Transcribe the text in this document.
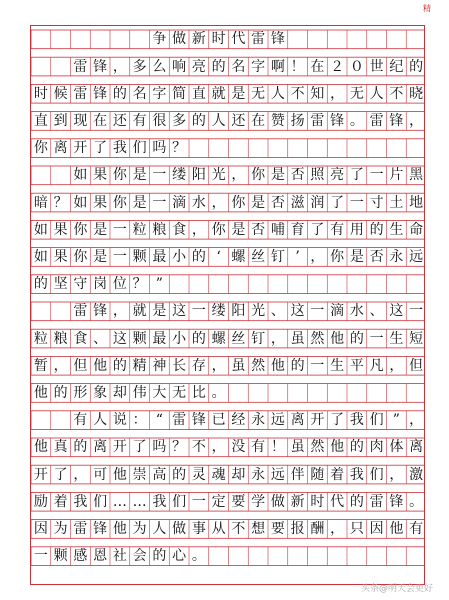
精
争 做 新 时 代 雷 锋

雷 锋 ， 多 么 响 亮 的 名 字 啊 ！ 在 ２ ０ 世 纪 的
时 候 雷 锋 的 名 字 简 直 就 是 无 人 不 知 ， 无 人 不 晓
直 到 现 在 还 有 很 多 的 人 还 在 赞 扬 雷 锋 。 雷 锋 ，
你 离 开 了 我 们 吗 ？

如 果 你 是 一 缕 阳 光 ， 你 是 否 照 亮 了 一 片 黑
暗 ？ 如 果 你 是 一 滴 水 ， 你 是 否 滋 润 了 一 寸 土 地
如 果 你 是 一 粒 粮 食 ， 你 是 否 哺 育 了 有 用 的 生 命
如 果 你 是 一 颗 最 小 的 ‘ 螺 丝 钉 ’ ， 你 是 否 永 远
的 坚 守 岗 位 ？ ”

雷 锋 ， 就 是 这 一 缕 阳 光 、 这 一 滴 水 、 这 一
粒 粮 食 、 这 颗 最 小 的 螺 丝 钉 ， 虽 然 他 的 一 生 短
暂 ， 但 他 的 精 神 长 存 ， 虽 然 他 的 一 生 平 凡 ， 但
他 的 形 象 却 伟 大 无 比 。

有 人 说 ： “ 雷 锋 已 经 永 远 离 开 了 我 们 ” ，
他 真 的 离 开 了 吗 ？ 不 ， 没 有 ！ 虽 然 他 的 肉 体 离
开 了 ， 可 他 崇 高 的 灵 魂 却 永 远 伴 随 着 我 们 ， 激
励 着 我 们 … … 我 们 一 定 要 学 做 新 时 代 的 雷 锋 。
因 为 雷 锋 他 为 人 做 事 从 不 想 要 报 酬 ， 只 因 他 有
一 颗 感 恩 社 会 的 心 。
头条@明天会更好
